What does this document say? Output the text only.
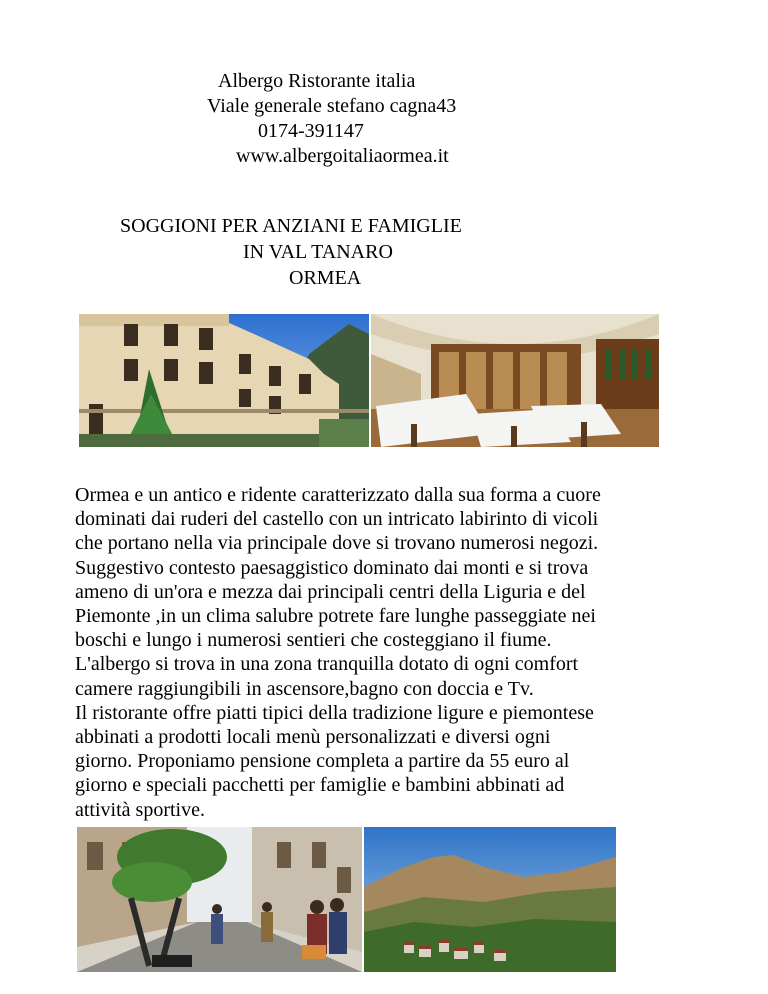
Albergo Ristorante italia
Viale generale stefano cagna43
0174-391147
www.albergoitaliaormea.it
SOGGIONI PER ANZIANI E FAMIGLIE
IN VAL TANARO
ORMEA
Ormea e un antico e ridente caratterizzato dalla sua forma a cuore
dominati dai ruderi del castello con un intricato labirinto di vicoli
che portano nella via principale dove si trovano numerosi negozi.
Suggestivo contesto paesaggistico dominato dai monti e si trova
ameno di un'ora e mezza dai principali centri della Liguria e del
Piemonte ,in un clima salubre potrete fare lunghe passeggiate nei
boschi e lungo i numerosi sentieri che costeggiano il fiume.
L'albergo si trova in una zona tranquilla dotato di ogni comfort
camere raggiungibili in ascensore,bagno con doccia e Tv.
Il ristorante offre piatti tipici della tradizione ligure e piemontese
abbinati a prodotti locali menù personalizzati e diversi ogni
giorno. Proponiamo pensione completa a partire da 55 euro al
giorno e speciali pacchetti per famiglie e bambini abbinati ad
attività sportive.
